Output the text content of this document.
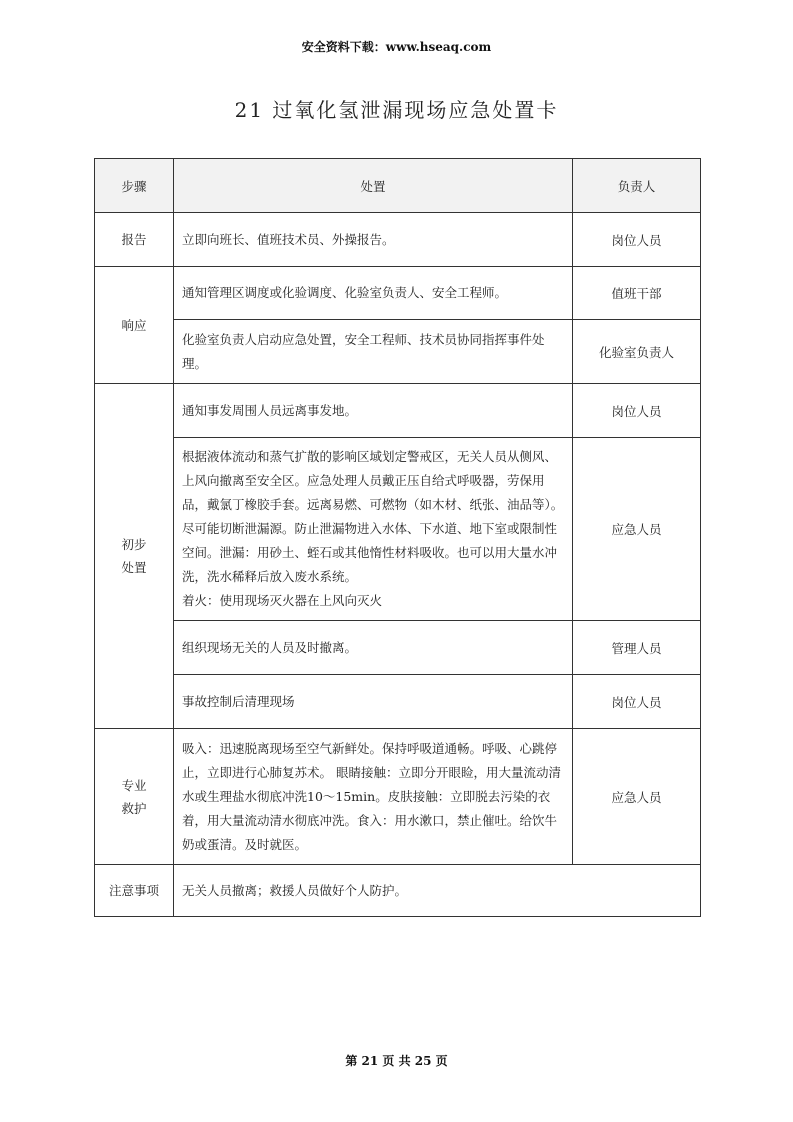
安全资料下载：www.hseaq.com
21 过氧化氢泄漏现场应急处置卡
步骤	处置	负责人
报告	立即向班长、值班技术员、外操报告。	岗位人员
响应	通知管理区调度或化验调度、化验室负责人、安全工程师。	值班干部
	化验室负责人启动应急处置，安全工程师、技术员协同指挥事件处理。	化验室负责人
初步处置	通知事发周围人员远离事发地。	岗位人员

	根据液体流动和蒸气扩散的影响区域划定警戒区，无关人员从侧风、上风向撤离至安全区。应急处理人员戴正压自给式呼吸器，劳保用品，戴氯丁橡胶手套。远离易燃、可燃物（如木材、纸张、油品等）。尽可能切断泄漏源。防止泄漏物进入水体、下水道、地下室或限制性空间。泄漏：用砂土、蛭石或其他惰性材料吸收。也可以用大量水冲洗，洗水稀释后放入废水系统。
着火：使用现场灭火器在上风向灭火	应急人员
	组织现场无关的人员及时撤离。	管理人员
	事故控制后清理现场	岗位人员
专业救护	吸入：迅速脱离现场至空气新鲜处。保持呼吸道通畅。呼吸、心跳停止，立即进行心肺复苏术。 眼睛接触：立即分开眼睑，用大量流动清水或生理盐水彻底冲洗10～15min。皮肤接触：立即脱去污染的衣着，用大量流动清水彻底冲洗。食入：用水漱口，禁止催吐。给饮牛奶或蛋清。及时就医。	应急人员
注意事项	无关人员撤离；救援人员做好个人防护。	
第 21 页 共 25 页
